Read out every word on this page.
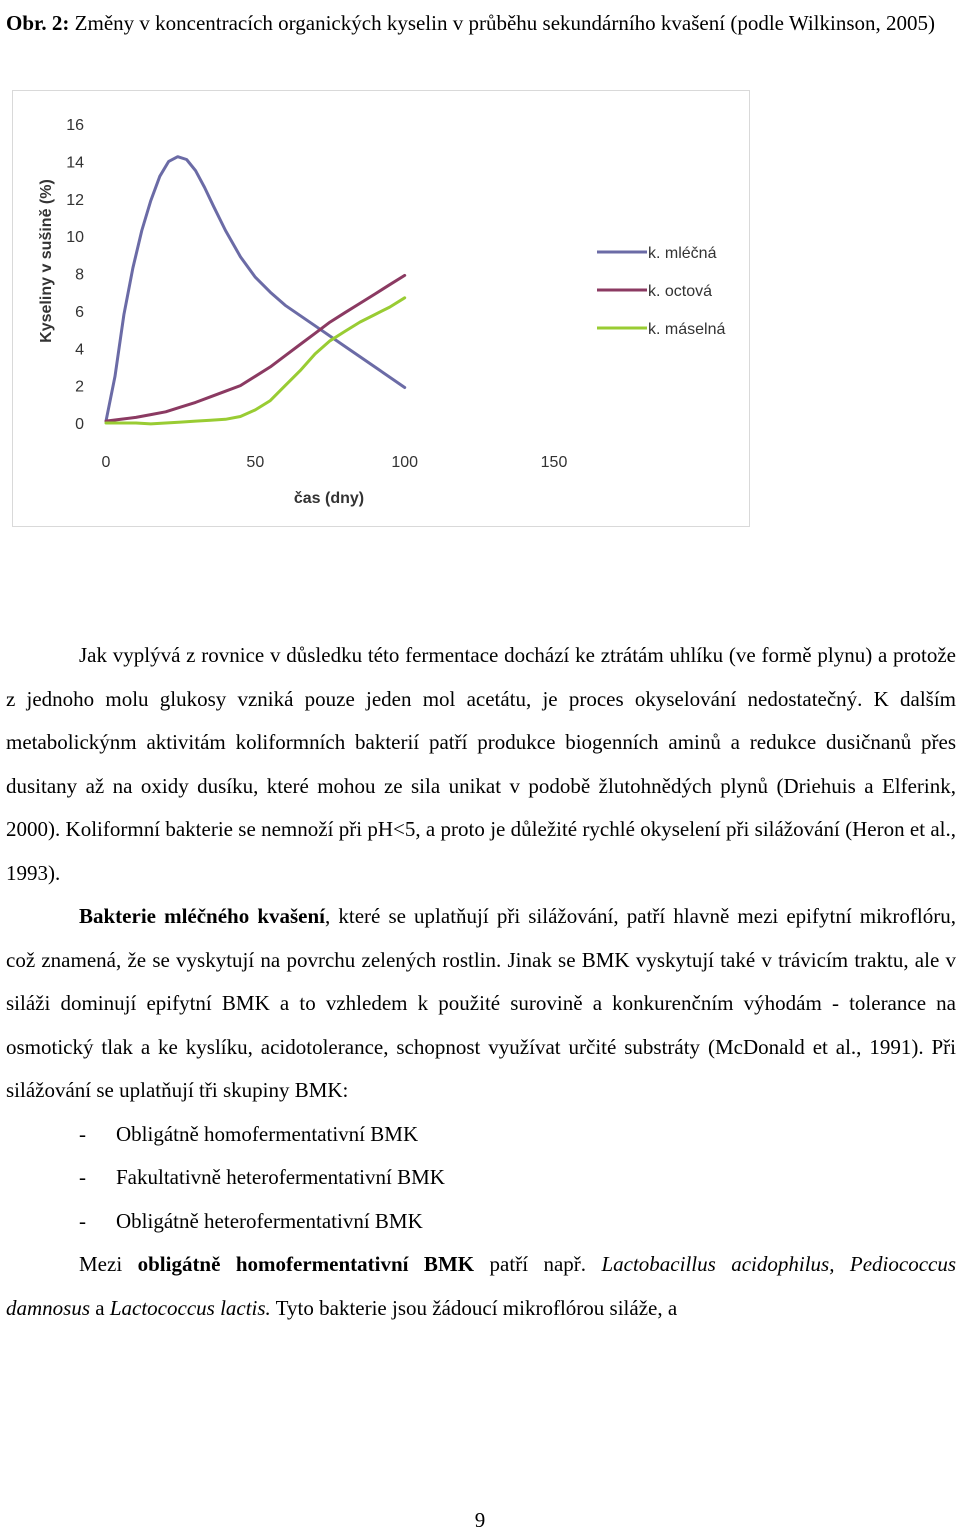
Obr. 2: Změny v koncentracích organických kyselin v průběhu sekundárního kvašení (podle Wilkinson, 2005)
0
2
4
6
8
10
12
14
16
0	50	100	150
čas (dny)
Kyseliny v sušině (%)	k. mléčná
k. octová
k. máselná

Jak vyplývá z rovnice v důsledku této fermentace dochází ke ztrátám uhlíku (ve formě plynu) a protože z jednoho molu glukosy vzniká pouze jeden mol acetátu, je proces okyselování nedostatečný. K dalším metabolickýnm aktivitám koliformních bakterií patří produkce biogenních aminů a redukce dusičnanů přes dusitany až na oxidy dusíku, které mohou ze sila unikat v podobě žlutohnědých plynů (Driehuis a Elferink, 2000). Koliformní bakterie se nemnoží při pH<5, a proto je důležité rychlé okyselení při silážování (Heron et al., 1993).

Bakterie mléčného kvašení, které se uplatňují při silážování, patří hlavně mezi epifytní mikroflóru, což znamená, že se vyskytují na povrchu zelených rostlin. Jinak se BMK vyskytují také v trávicím traktu, ale v siláži dominují epifytní BMK a to vzhledem k použité surovině a konkurenčním výhodám - tolerance na osmotický tlak a ke kyslíku, acidotolerance, schopnost využívat určité substráty (McDonald et al., 1991). Při silážování se uplatňují tři skupiny BMK:

- Obligátně homofermentativní BMK

- Fakultativně heterofermentativní BMK

- Obligátně heterofermentativní BMK

Mezi obligátně homofermentativní BMK patří např. Lactobacillus acidophilus, Pediococcus damnosus a Lactococcus lactis. Tyto bakterie jsou žádoucí mikroflórou siláže, a

9
